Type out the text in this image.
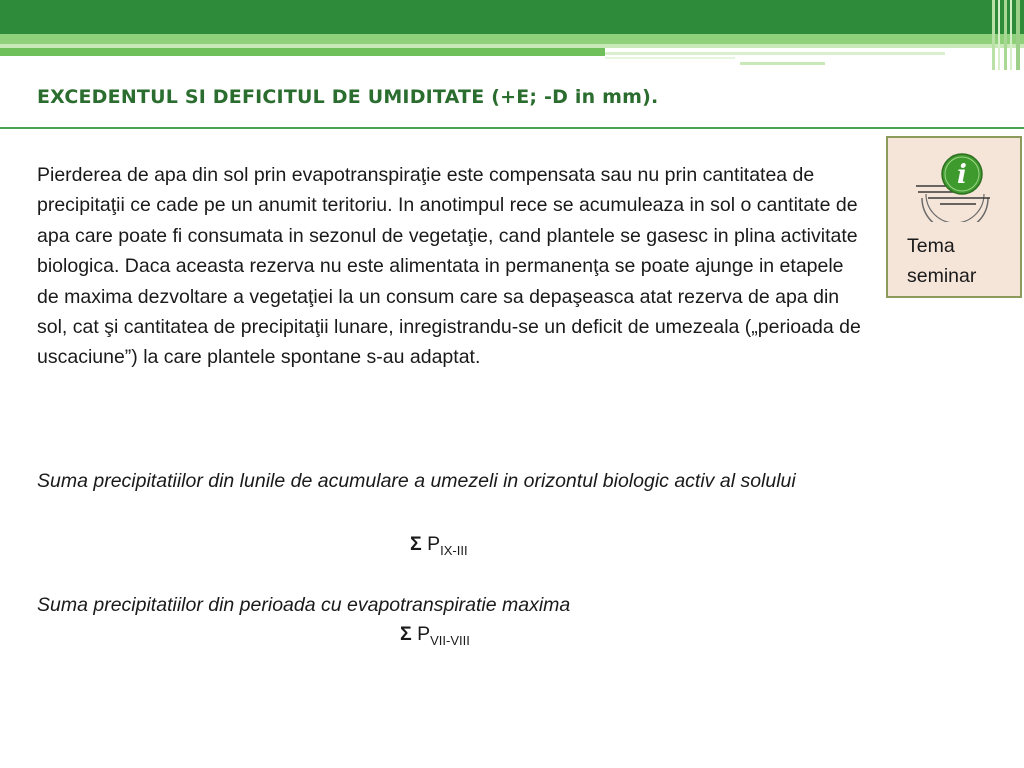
EXCEDENTUL SI DEFICITUL DE UMIDITATE (+E; -D in mm).

Pierderea de apa din sol prin evapotranspiraţie este compensata sau nu prin cantitatea de precipitaţii ce cade pe un anumit teritoriu. In anotimpul rece se acumuleaza in sol o cantitate de apa care poate fi consumata in sezonul de vegetaţie, cand plantele se gasesc in plina activitate biologica. Daca aceasta rezerva nu este alimentata in permanenţa se poate ajunge in etapele de maxima dezvoltare a vegetaţiei la un consum care sa depaşeasca atat rezerva de apa din sol, cat şi cantitatea de precipitaţii lunare, inregistrandu-se un deficit de umezeala („perioada de uscaciune”) la care plantele spontane s-au adaptat.

Suma precipitatiilor din lunile de acumulare a umezeli in orizontul biologic activ al solului

Σ $P_{IX-III}$

Suma precipitatiilor din perioada cu evapotranspiratie maxima

Σ $P_{VII-VIII}$

i

Tema seminar
